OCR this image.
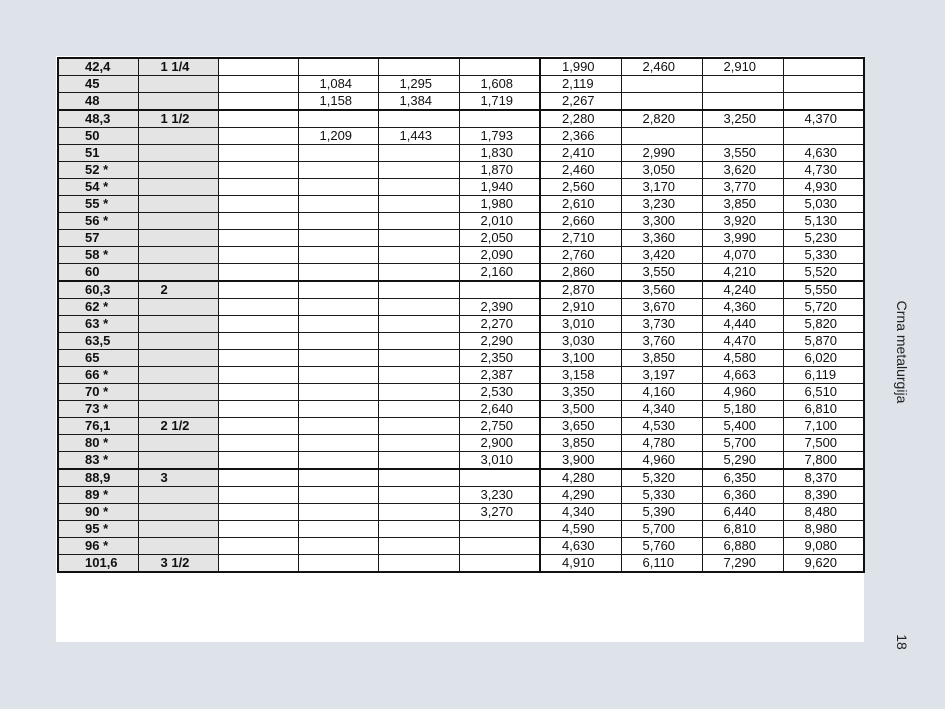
42,4	1 1/4					1,990	2,460	2,910	
45			1,084	1,295	1,608	2,119			
48			1,158	1,384	1,719	2,267			
48,3	1 1/2					2,280	2,820	3,250	4,370
50			1,209	1,443	1,793	2,366			
51					1,830	2,410	2,990	3,550	4,630
52 *					1,870	2,460	3,050	3,620	4,730
54 *					1,940	2,560	3,170	3,770	4,930
55 *					1,980	2,610	3,230	3,850	5,030
56 *					2,010	2,660	3,300	3,920	5,130
57					2,050	2,710	3,360	3,990	5,230
58 *					2,090	2,760	3,420	4,070	5,330
60					2,160	2,860	3,550	4,210	5,520
60,3	2					2,870	3,560	4,240	5,550
62 *					2,390	2,910	3,670	4,360	5,720
63 *					2,270	3,010	3,730	4,440	5,820
63,5					2,290	3,030	3,760	4,470	5,870
65					2,350	3,100	3,850	4,580	6,020
66 *					2,387	3,158	3,197	4,663	6,119
70 *					2,530	3,350	4,160	4,960	6,510
73 *					2,640	3,500	4,340	5,180	6,810
76,1	2 1/2				2,750	3,650	4,530	5,400	7,100
80 *					2,900	3,850	4,780	5,700	7,500
83 *					3,010	3,900	4,960	5,290	7,800
88,9	3					4,280	5,320	6,350	8,370
89 *					3,230	4,290	5,330	6,360	8,390
90 *					3,270	4,340	5,390	6,440	8,480
95 *						4,590	5,700	6,810	8,980
96 *						4,630	5,760	6,880	9,080
101,6	3 1/2					4,910	6,110	7,290	9,620
Crna metalurgija
18
